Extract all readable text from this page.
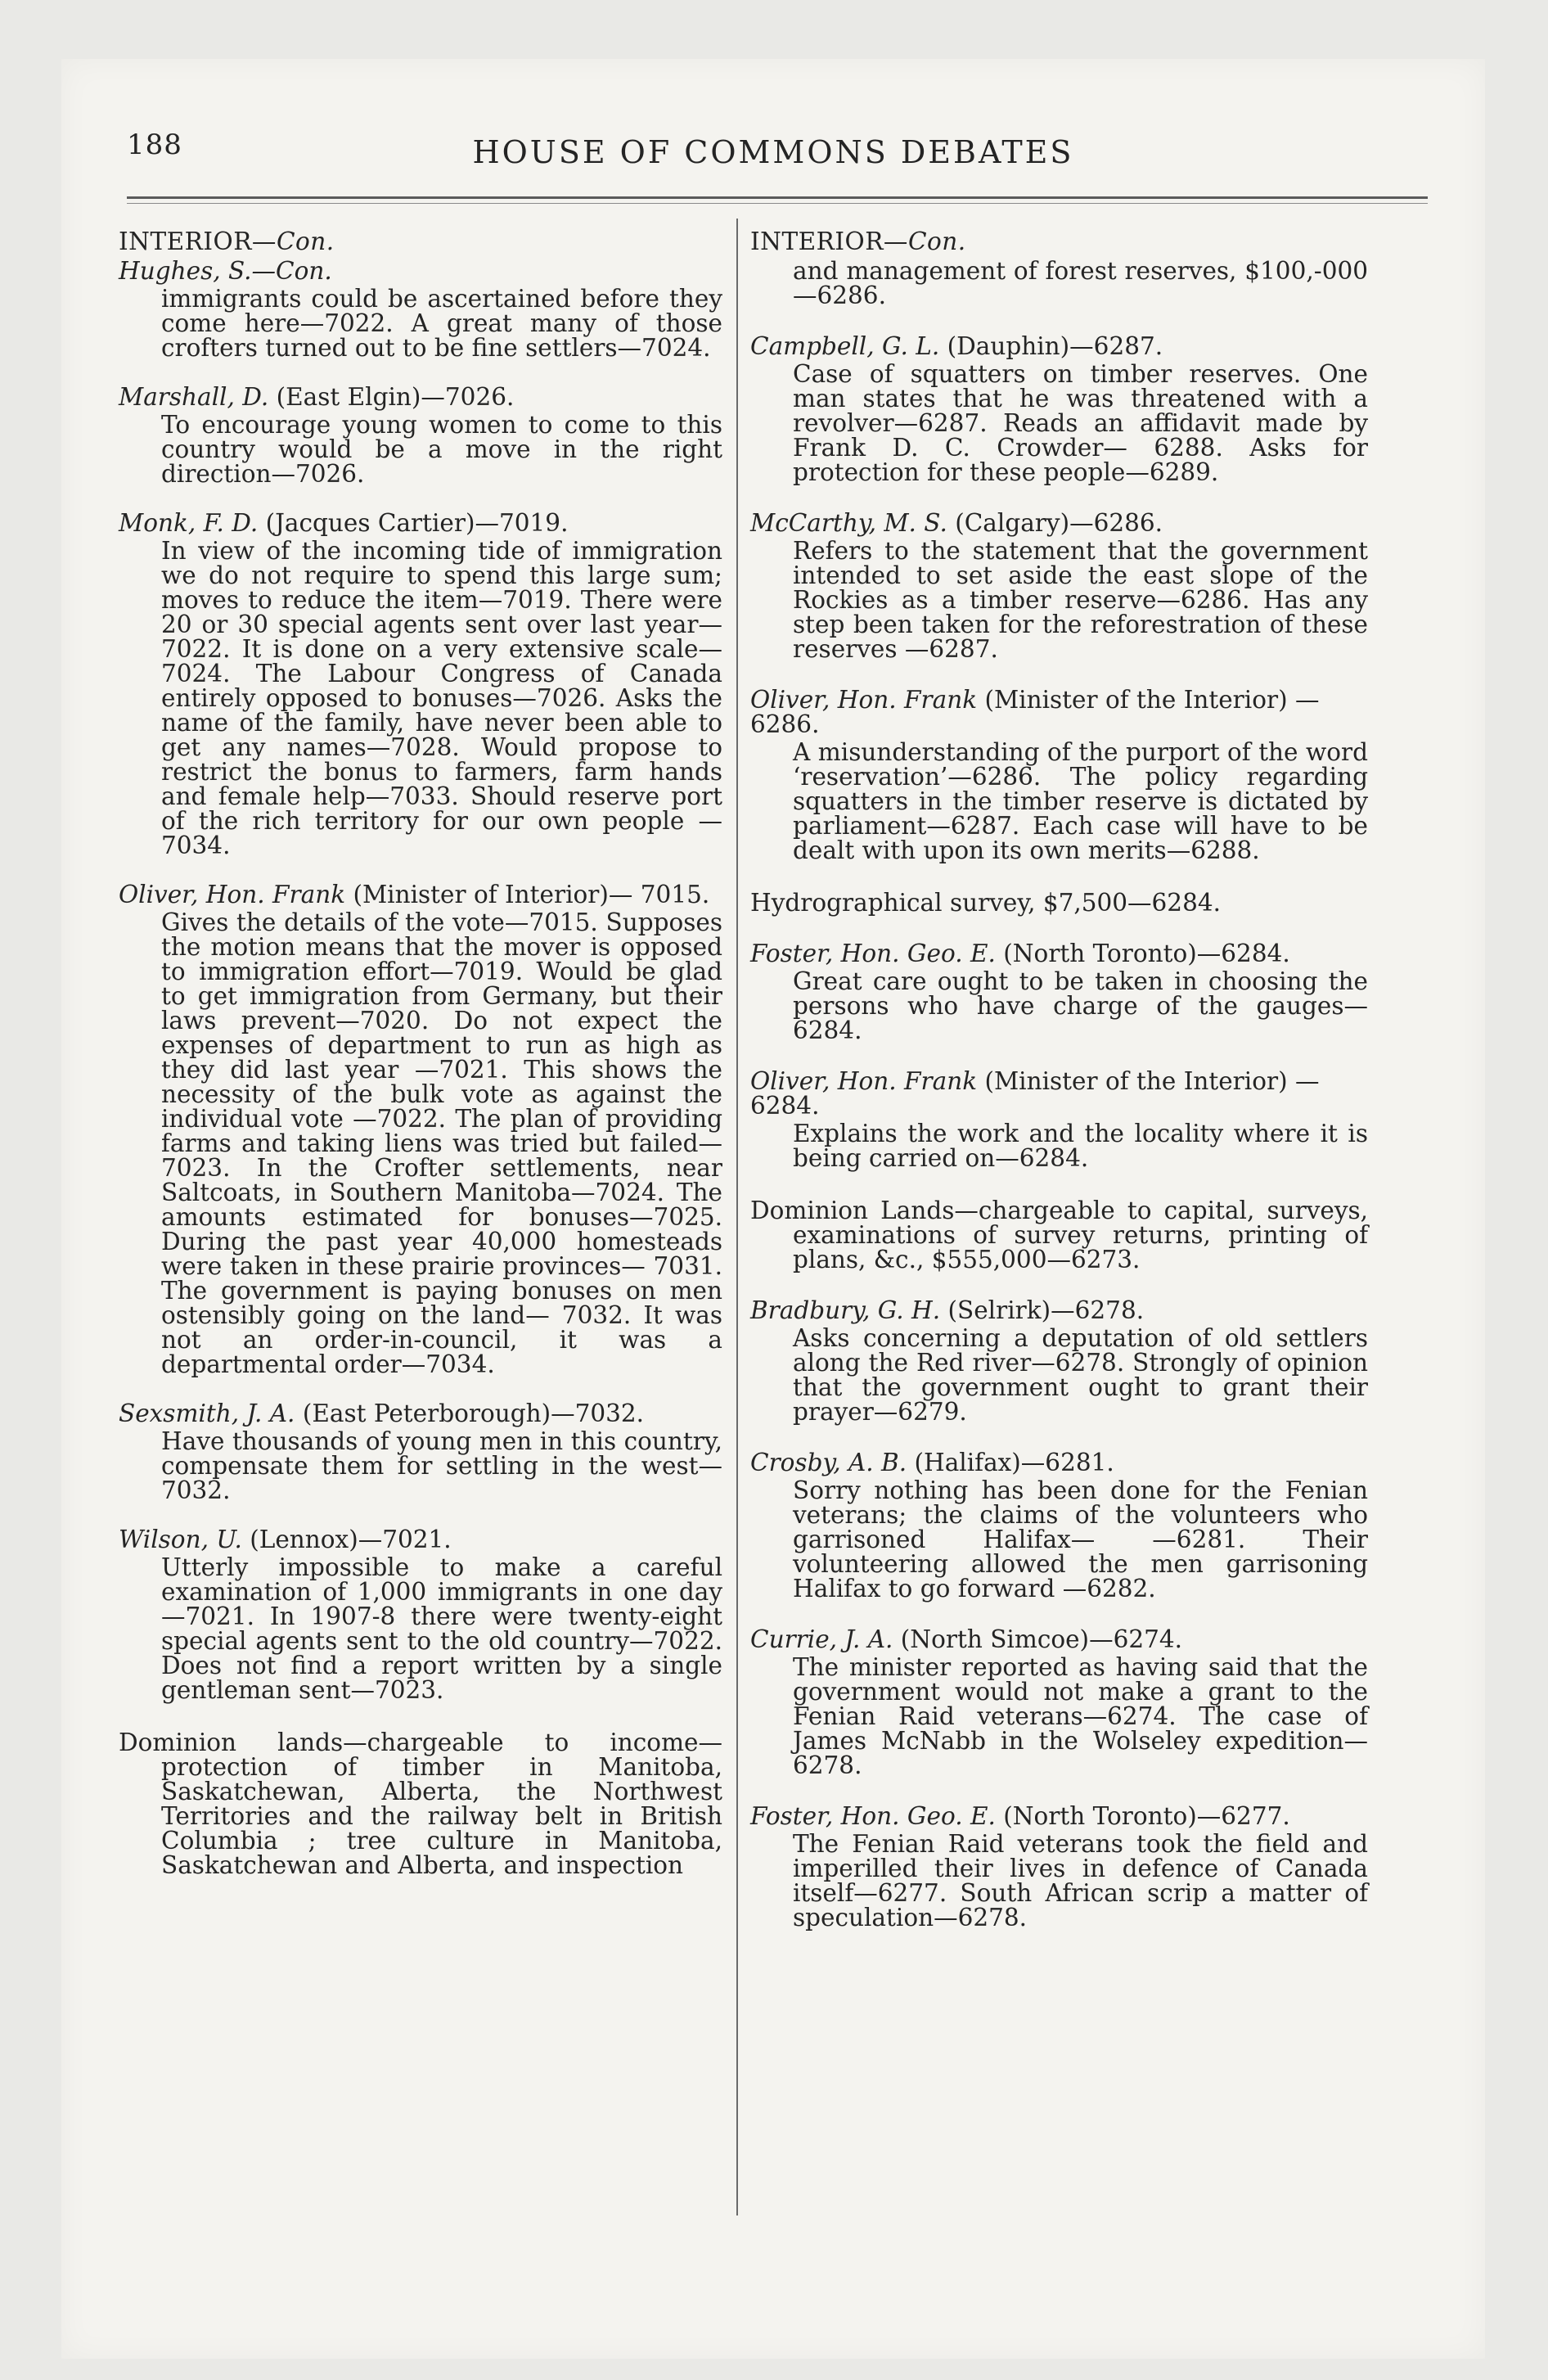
188	HOUSE OF COMMONS DEBATES
INTERIOR—Con.
Hughes, S.—Con.
immigrants could be ascertained before they come here—7022. A great many of those crofters turned out to be fine settlers—7024.
Marshall, D. (East Elgin)—7026.
To encourage young women to come to this country would be a move in the right direction—7026.
Monk, F. D. (Jacques Cartier)—7019.
In view of the incoming tide of immigration we do not require to spend this large sum; moves to reduce the item—7019. There were 20 or 30 special agents sent over last year—7022. It is done on a very extensive scale—7024. The Labour Congress of Canada entirely opposed to bonuses—7026. Asks the name of the family, have never been able to get any names—7028. Would propose to restrict the bonus to farmers, farm hands and female help—7033. Should reserve port of the rich territory for our own people —7034.
Oliver, Hon. Frank (Minister of Interior)— 7015.
Gives the details of the vote—7015. Supposes the motion means that the mover is opposed to immigration effort—7019. Would be glad to get immigration from Germany, but their laws prevent—7020. Do not expect the expenses of department to run as high as they did last year —7021. This shows the necessity of the bulk vote as against the individual vote —7022. The plan of providing farms and taking liens was tried but failed—7023. In the Crofter settlements, near Saltcoats, in Southern Manitoba—7024. The amounts estimated for bonuses—7025. During the past year 40,000 homesteads were taken in these prairie provinces— 7031. The government is paying bonuses on men ostensibly going on the land— 7032. It was not an order-in-council, it was a departmental order—7034.
Sexsmith, J. A. (East Peterborough)—7032.
Have thousands of young men in this country, compensate them for settling in the west—7032.
Wilson, U. (Lennox)—7021.
Utterly impossible to make a careful examination of 1,000 immigrants in one day—7021. In 1907-8 there were twenty-eight special agents sent to the old country—7022. Does not find a report written by a single gentleman sent—7023.
Dominion lands—chargeable to income— protection of timber in Manitoba, Saskatchewan, Alberta, the Northwest Territories and the railway belt in British Columbia ; tree culture in Manitoba, Saskatchewan and Alberta, and inspection
INTERIOR—Con.
and management of forest reserves, $100,-000—6286.
Campbell, G. L. (Dauphin)—6287.
Case of squatters on timber reserves. One man states that he was threatened with a revolver—6287. Reads an affidavit made by Frank D. C. Crowder— 6288. Asks for protection for these people—6289.
McCarthy, M. S. (Calgary)—6286.
Refers to the statement that the government intended to set aside the east slope of the Rockies as a timber reserve—6286. Has any step been taken for the reforestration of these reserves —6287.
Oliver, Hon. Frank (Minister of the Interior) —6286.
A misunderstanding of the purport of the word ‘reservation’—6286. The policy regarding squatters in the timber reserve is dictated by parliament—6287. Each case will have to be dealt with upon its own merits—6288.
Hydrographical survey, $7,500—6284.
Foster, Hon. Geo. E. (North Toronto)—6284.
Great care ought to be taken in choosing the persons who have charge of the gauges—6284.
Oliver, Hon. Frank (Minister of the Interior) —6284.
Explains the work and the locality where it is being carried on—6284.
Dominion Lands—chargeable to capital, surveys, examinations of survey returns, printing of plans, &c., $555,000—6273.
Bradbury, G. H. (Selrirk)—6278.
Asks concerning a deputation of old settlers along the Red river—6278. Strongly of opinion that the government ought to grant their prayer—6279.
Crosby, A. B. (Halifax)—6281.
Sorry nothing has been done for the Fenian veterans; the claims of the volunteers who garrisoned Halifax— —6281. Their volunteering allowed the men garrisoning Halifax to go forward —6282.
Currie, J. A. (North Simcoe)—6274.
The minister reported as having said that the government would not make a grant to the Fenian Raid veterans—6274. The case of James McNabb in the Wolseley expedition—6278.
Foster, Hon. Geo. E. (North Toronto)—6277.
The Fenian Raid veterans took the field and imperilled their lives in defence of Canada itself—6277. South African scrip a matter of speculation—6278.
